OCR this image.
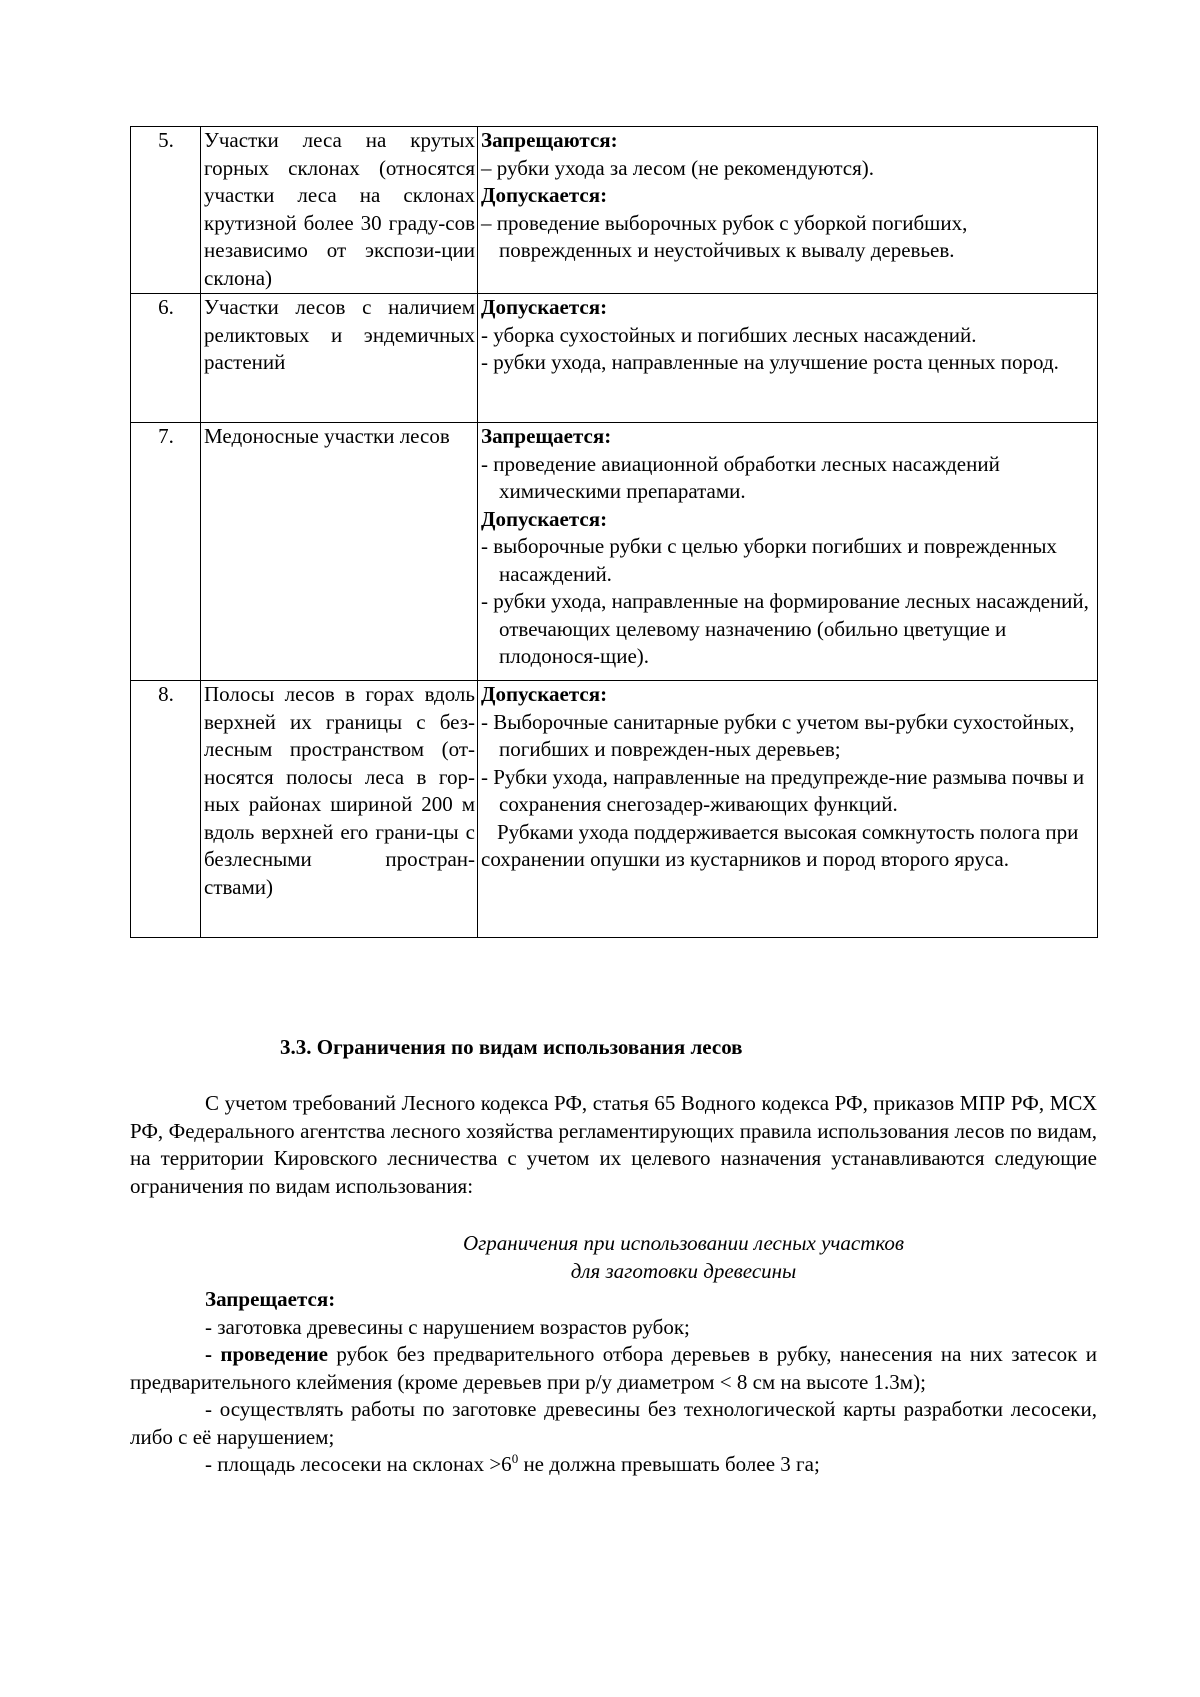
5.	Участки леса на крутых горных склонах (относятся участки леса на склонах крутизной более 30 граду-сов независимо от экспози-ции склона)	Запрещаются:
– рубки ухода за лесом (не рекомендуются).
Допускается:
– проведение выборочных рубок с уборкой погибших, поврежденных и неустойчивых к вывалу деревьев.

6.	Участки лесов с наличием реликтовых и эндемичных растений	Допускается:
- уборка сухостойных и погибших лесных насаждений.
- рубки ухода, направленные на улучшение роста ценных пород.

7.	Медоносные участки лесов	Запрещается:
- проведение авиационной обработки лесных насаждений химическими препаратами.
Допускается:
- выборочные рубки с целью уборки погибших и поврежденных насаждений.
- рубки ухода, направленные на формирование лесных насаждений, отвечающих целевому назначению (обильно цветущие и плодонося-щие).

8.	Полосы лесов в горах вдоль верхней их границы с без-лесным пространством (от-носятся полосы леса в гор-ных районах шириной 200 м вдоль верхней его грани-цы с безлесными простран-ствами)	Допускается:
- Выборочные санитарные рубки с учетом вы-рубки сухостойных, погибших и поврежден-ных деревьев;
- Рубки ухода, направленные на предупрежде-ние размыва почвы и сохранения снегозадер-живающих функций.
Рубками ухода поддерживается высокая сомкнутость полога при сохранении опушки из кустарников и пород второго яруса.
3.3. Ограничения по видам использования лесов

С учетом требований Лесного кодекса РФ, статья 65 Водного кодекса РФ, приказов МПР РФ, МСХ РФ, Федерального агентства лесного хозяйства регламентирующих правила использования лесов по видам, на территории Кировского лесничества с учетом их целевого назначения устанавливаются следующие ограничения по видам использования:

Ограничения при использовании лесных участков
для заготовки древесины
Запрещается:

- заготовка древесины с нарушением возрастов рубок;

- проведение рубок без предварительного отбора деревьев в рубку, нанесения на них затесок и предварительного клеймения (кроме деревьев при р/у диаметром < 8 см на высоте 1.3м);

- осуществлять работы по заготовке древесины без технологической карты разработки лесосеки, либо с её нарушением;

- площадь лесосеки на склонах $>6^0$ не должна превышать более 3 га;
